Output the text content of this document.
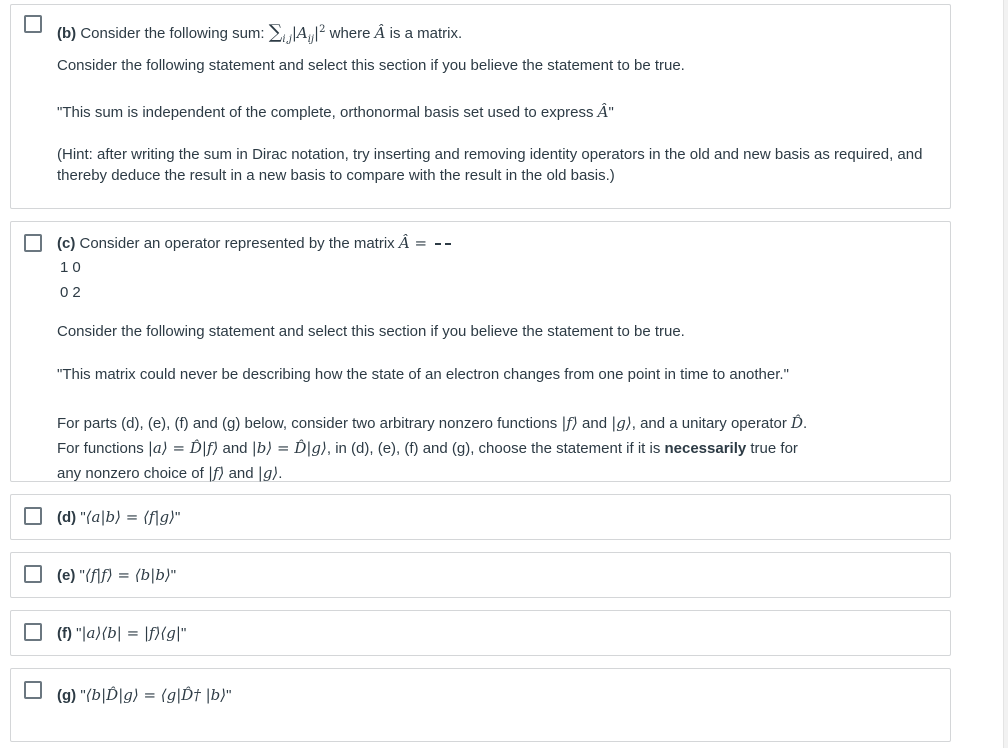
(b) Consider the following sum: $\sum_{i,j}|A_{ij}|^2$ where Â is a matrix.

Consider the following statement and select this section if you believe the statement to be true.

"This sum is independent of the complete, orthonormal basis set used to express Â"

(Hint: after writing the sum in Dirac notation, try inserting and removing identity operators in the old and new basis as required, and thereby deduce the result in a new basis to compare with the result in the old basis.)

(c) Consider an operator represented by the matrix Â =

1	0
0	2

Consider the following statement and select this section if you believe the statement to be true.

"This matrix could never be describing how the state of an electron changes from one point in time to another."

For parts (d), (e), (f) and (g) below, consider two arbitrary nonzero functions |f⟩ and |g⟩, and a unitary operator D̂.
For functions |a⟩ = D̂|f⟩ and |b⟩ = D̂|g⟩, in (d), (e), (f) and (g), choose the statement if it is necessarily true for
any nonzero choice of |f⟩ and |g⟩.

(d) "⟨a|b⟩ = ⟨f|g⟩"

(e) "⟨f|f⟩ = ⟨b|b⟩"

(f) "|a⟩⟨b| = |f⟩⟨g|"

(g) "⟨b|D̂|g⟩ = ⟨g|D̂† |b⟩"
